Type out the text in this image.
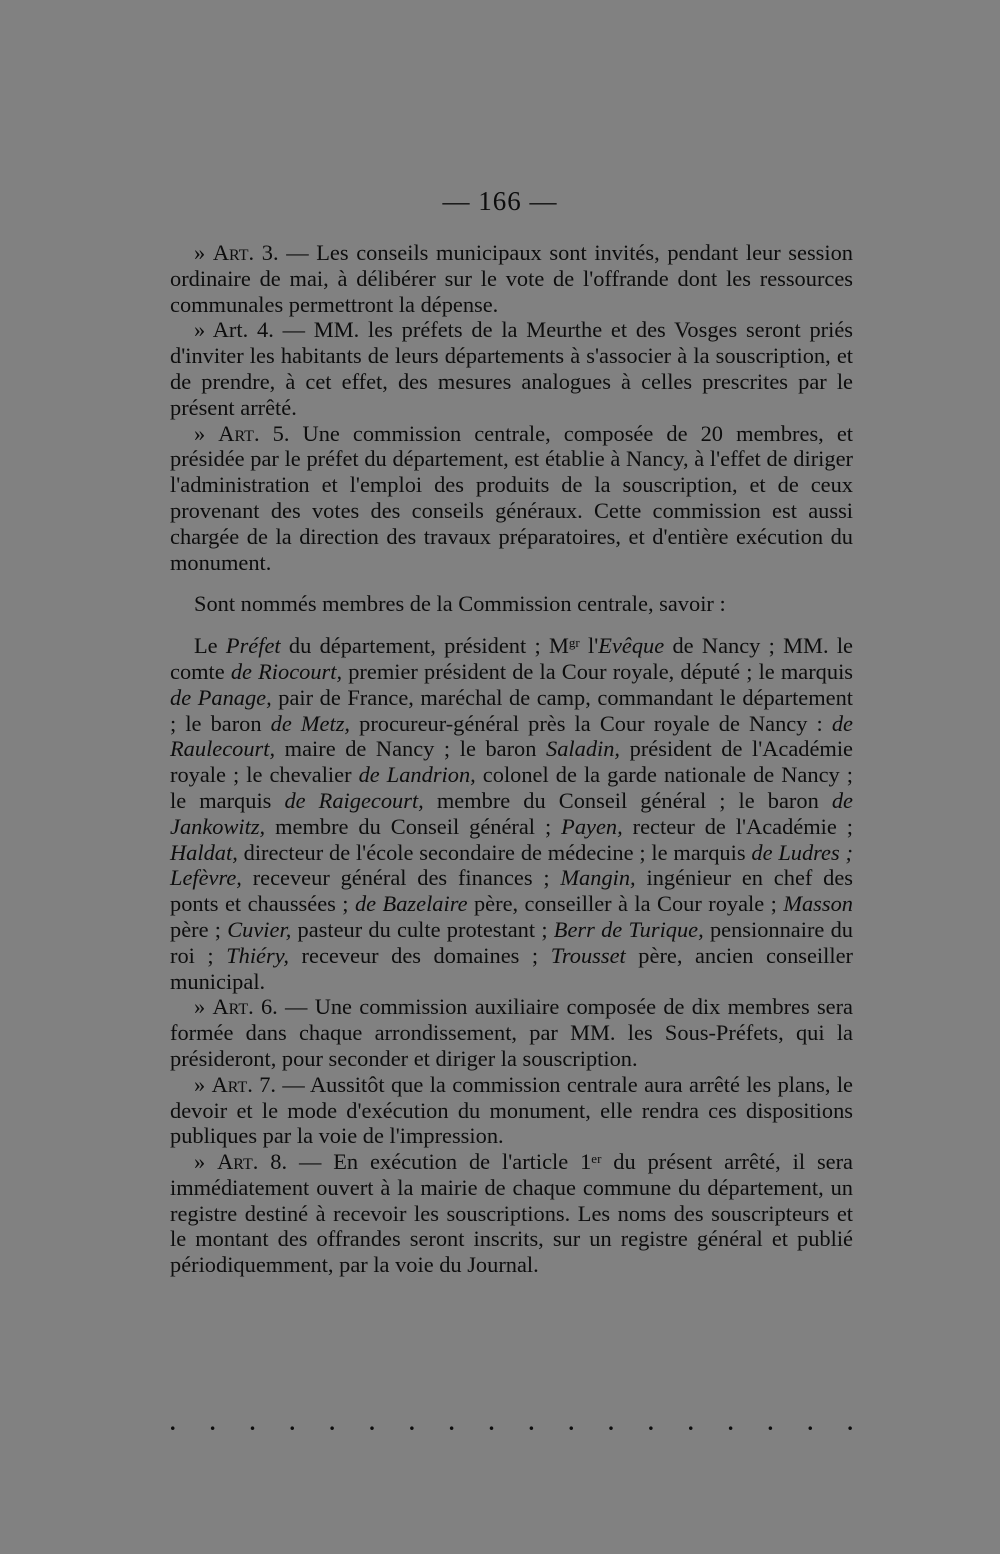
— 166 —

» Art. 3. — Les conseils municipaux sont invités, pendant leur session ordinaire de mai, à délibérer sur le vote de l'offrande dont les ressources communales permettront la dépense.

» Art. 4. — MM. les préfets de la Meurthe et des Vosges seront priés d'inviter les habitants de leurs départements à s'associer à la souscription, et de prendre, à cet effet, des mesures analogues à celles prescrites par le présent arrêté.

» Art. 5. Une commission centrale, composée de 20 membres, et présidée par le préfet du département, est établie à Nancy, à l'effet de diriger l'administration et l'emploi des produits de la souscription, et de ceux provenant des votes des conseils généraux. Cette commission est aussi chargée de la direction des travaux préparatoires, et d'entière exécution du monument.

Sont nommés membres de la Commission centrale, savoir :

Le Préfet du département, président ; $M^{gr}$ l'Evêque de Nancy ; MM. le comte de Riocourt, premier président de la Cour royale, député ; le marquis de Panage, pair de France, maréchal de camp, commandant le département ; le baron de Metz, procureur-général près la Cour royale de Nancy : de Raulecourt, maire de Nancy ; le baron Saladin, président de l'Académie royale ; le chevalier de Landrion, colonel de la garde nationale de Nancy ; le marquis de Raigecourt, membre du Conseil général ; le baron de Jankowitz, membre du Conseil général ; Payen, recteur de l'Académie ; Haldat, directeur de l'école secondaire de médecine ; le marquis de Ludres ; Lefèvre, receveur général des finances ; Mangin, ingénieur en chef des ponts et chaussées ; de Bazelaire père, conseiller à la Cour royale ; Masson père ; Cuvier, pasteur du culte protestant ; Berr de Turique, pensionnaire du roi ; Thiéry, receveur des domaines ; Trousset père, ancien conseiller municipal.

» Art. 6. — Une commission auxiliaire composée de dix membres sera formée dans chaque arrondissement, par MM. les Sous-Préfets, qui la présideront, pour seconder et diriger la souscription.

» Art. 7. — Aussitôt que la commission centrale aura arrêté les plans, le devoir et le mode d'exécution du monument, elle rendra ces dispositions publiques par la voie de l'impression.

» Art. 8. — En exécution de l'article 1er du présent arrêté, il sera immédiatement ouvert à la mairie de chaque commune du département, un registre destiné à recevoir les souscriptions. Les noms des souscripteurs et le montant des offrandes seront inscrits, sur un registre général et publié périodiquemment, par la voie du Journal.

. . . . . . . . . . . . . . . . . .
